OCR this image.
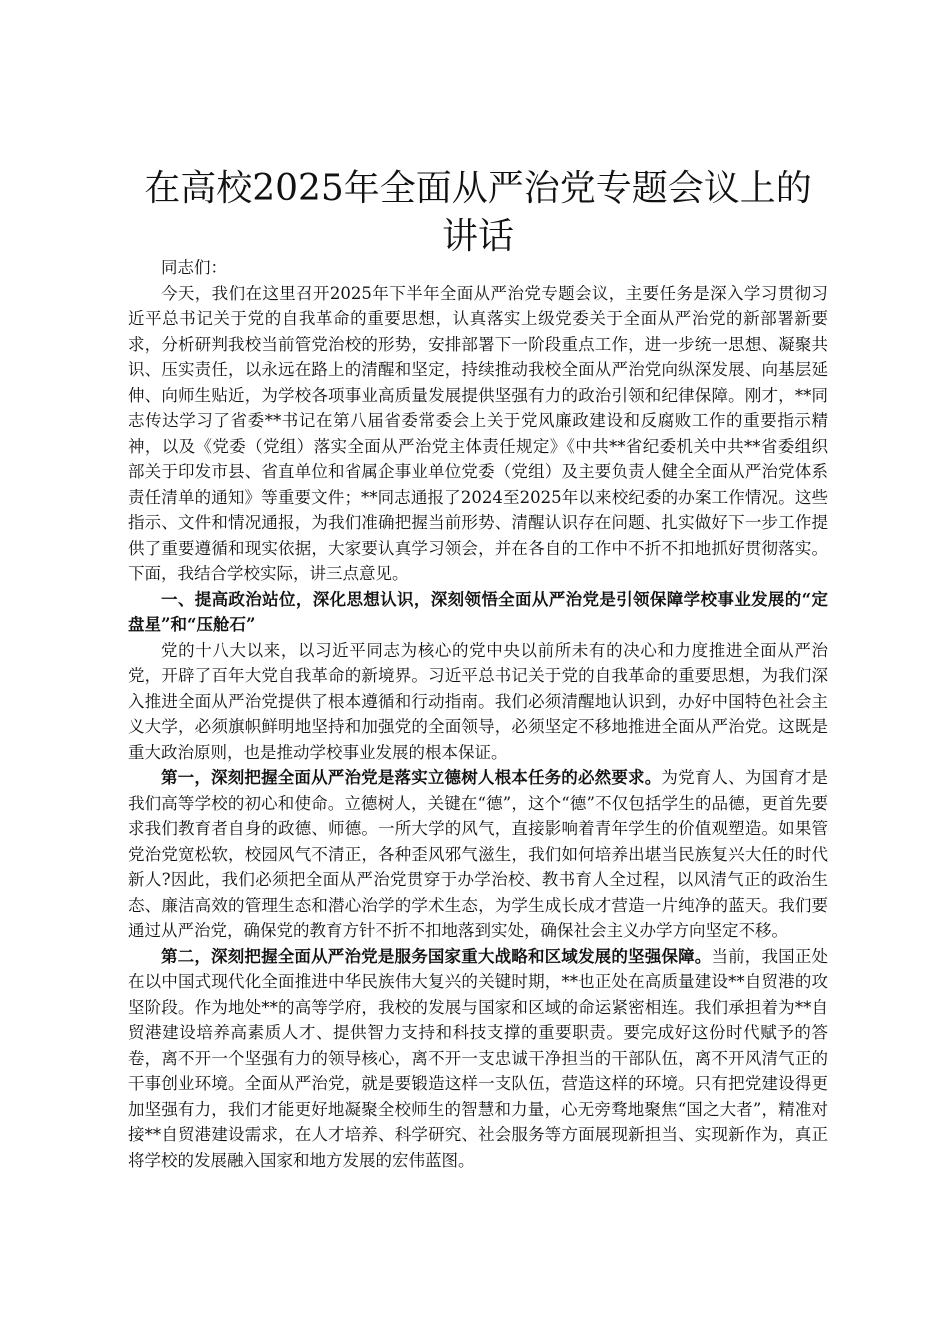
在高校2025年全面从严治党专题会议上的讲话

同志们：

今天，我们在这里召开2025年下半年全面从严治党专题会议，主要任务是深入学习贯彻习近平总书记关于党的自我革命的重要思想，认真落实上级党委关于全面从严治党的新部署新要求，分析研判我校当前管党治校的形势，安排部署下一阶段重点工作，进一步统一思想、凝聚共识、压实责任，以永远在路上的清醒和坚定，持续推动我校全面从严治党向纵深发展、向基层延伸、向师生贴近，为学校各项事业高质量发展提供坚强有力的政治引领和纪律保障。刚才，**同志传达学习了省委**书记在第八届省委常委会上关于党风廉政建设和反腐败工作的重要指示精神，以及《党委（党组）落实全面从严治党主体责任规定》《中共**省纪委机关中共**省委组织部关于印发市县、省直单位和省属企事业单位党委（党组）及主要负责人健全全面从严治党体系责任清单的通知》等重要文件；**同志通报了2024至2025年以来校纪委的办案工作情况。这些指示、文件和情况通报，为我们准确把握当前形势、清醒认识存在问题、扎实做好下一步工作提供了重要遵循和现实依据，大家要认真学习领会，并在各自的工作中不折不扣地抓好贯彻落实。下面，我结合学校实际，讲三点意见。

一、提高政治站位，深化思想认识，深刻领悟全面从严治党是引领保障学校事业发展的“定盘星”和“压舱石”

党的十八大以来，以习近平同志为核心的党中央以前所未有的决心和力度推进全面从严治党，开辟了百年大党自我革命的新境界。习近平总书记关于党的自我革命的重要思想，为我们深入推进全面从严治党提供了根本遵循和行动指南。我们必须清醒地认识到，办好中国特色社会主义大学，必须旗帜鲜明地坚持和加强党的全面领导，必须坚定不移地推进全面从严治党。这既是重大政治原则，也是推动学校事业发展的根本保证。

第一，深刻把握全面从严治党是落实立德树人根本任务的必然要求。为党育人、为国育才是我们高等学校的初心和使命。立德树人，关键在“德”，这个“德”不仅包括学生的品德，更首先要求我们教育者自身的政德、师德。一所大学的风气，直接影响着青年学生的价值观塑造。如果管党治党宽松软，校园风气不清正，各种歪风邪气滋生，我们如何培养出堪当民族复兴大任的时代新人?因此，我们必须把全面从严治党贯穿于办学治校、教书育人全过程，以风清气正的政治生态、廉洁高效的管理生态和潜心治学的学术生态，为学生成长成才营造一片纯净的蓝天。我们要通过从严治党，确保党的教育方针不折不扣地落到实处，确保社会主义办学方向坚定不移。

第二，深刻把握全面从严治党是服务国家重大战略和区域发展的坚强保障。当前，我国正处在以中国式现代化全面推进中华民族伟大复兴的关键时期，**也正处在高质量建设**自贸港的攻坚阶段。作为地处**的高等学府，我校的发展与国家和区域的命运紧密相连。我们承担着为**自贸港建设培养高素质人才、提供智力支持和科技支撑的重要职责。要完成好这份时代赋予的答卷，离不开一个坚强有力的领导核心，离不开一支忠诚干净担当的干部队伍，离不开风清气正的干事创业环境。全面从严治党，就是要锻造这样一支队伍，营造这样的环境。只有把党建设得更加坚强有力，我们才能更好地凝聚全校师生的智慧和力量，心无旁骛地聚焦“国之大者”，精准对接**自贸港建设需求，在人才培养、科学研究、社会服务等方面展现新担当、实现新作为，真正将学校的发展融入国家和地方发展的宏伟蓝图。
